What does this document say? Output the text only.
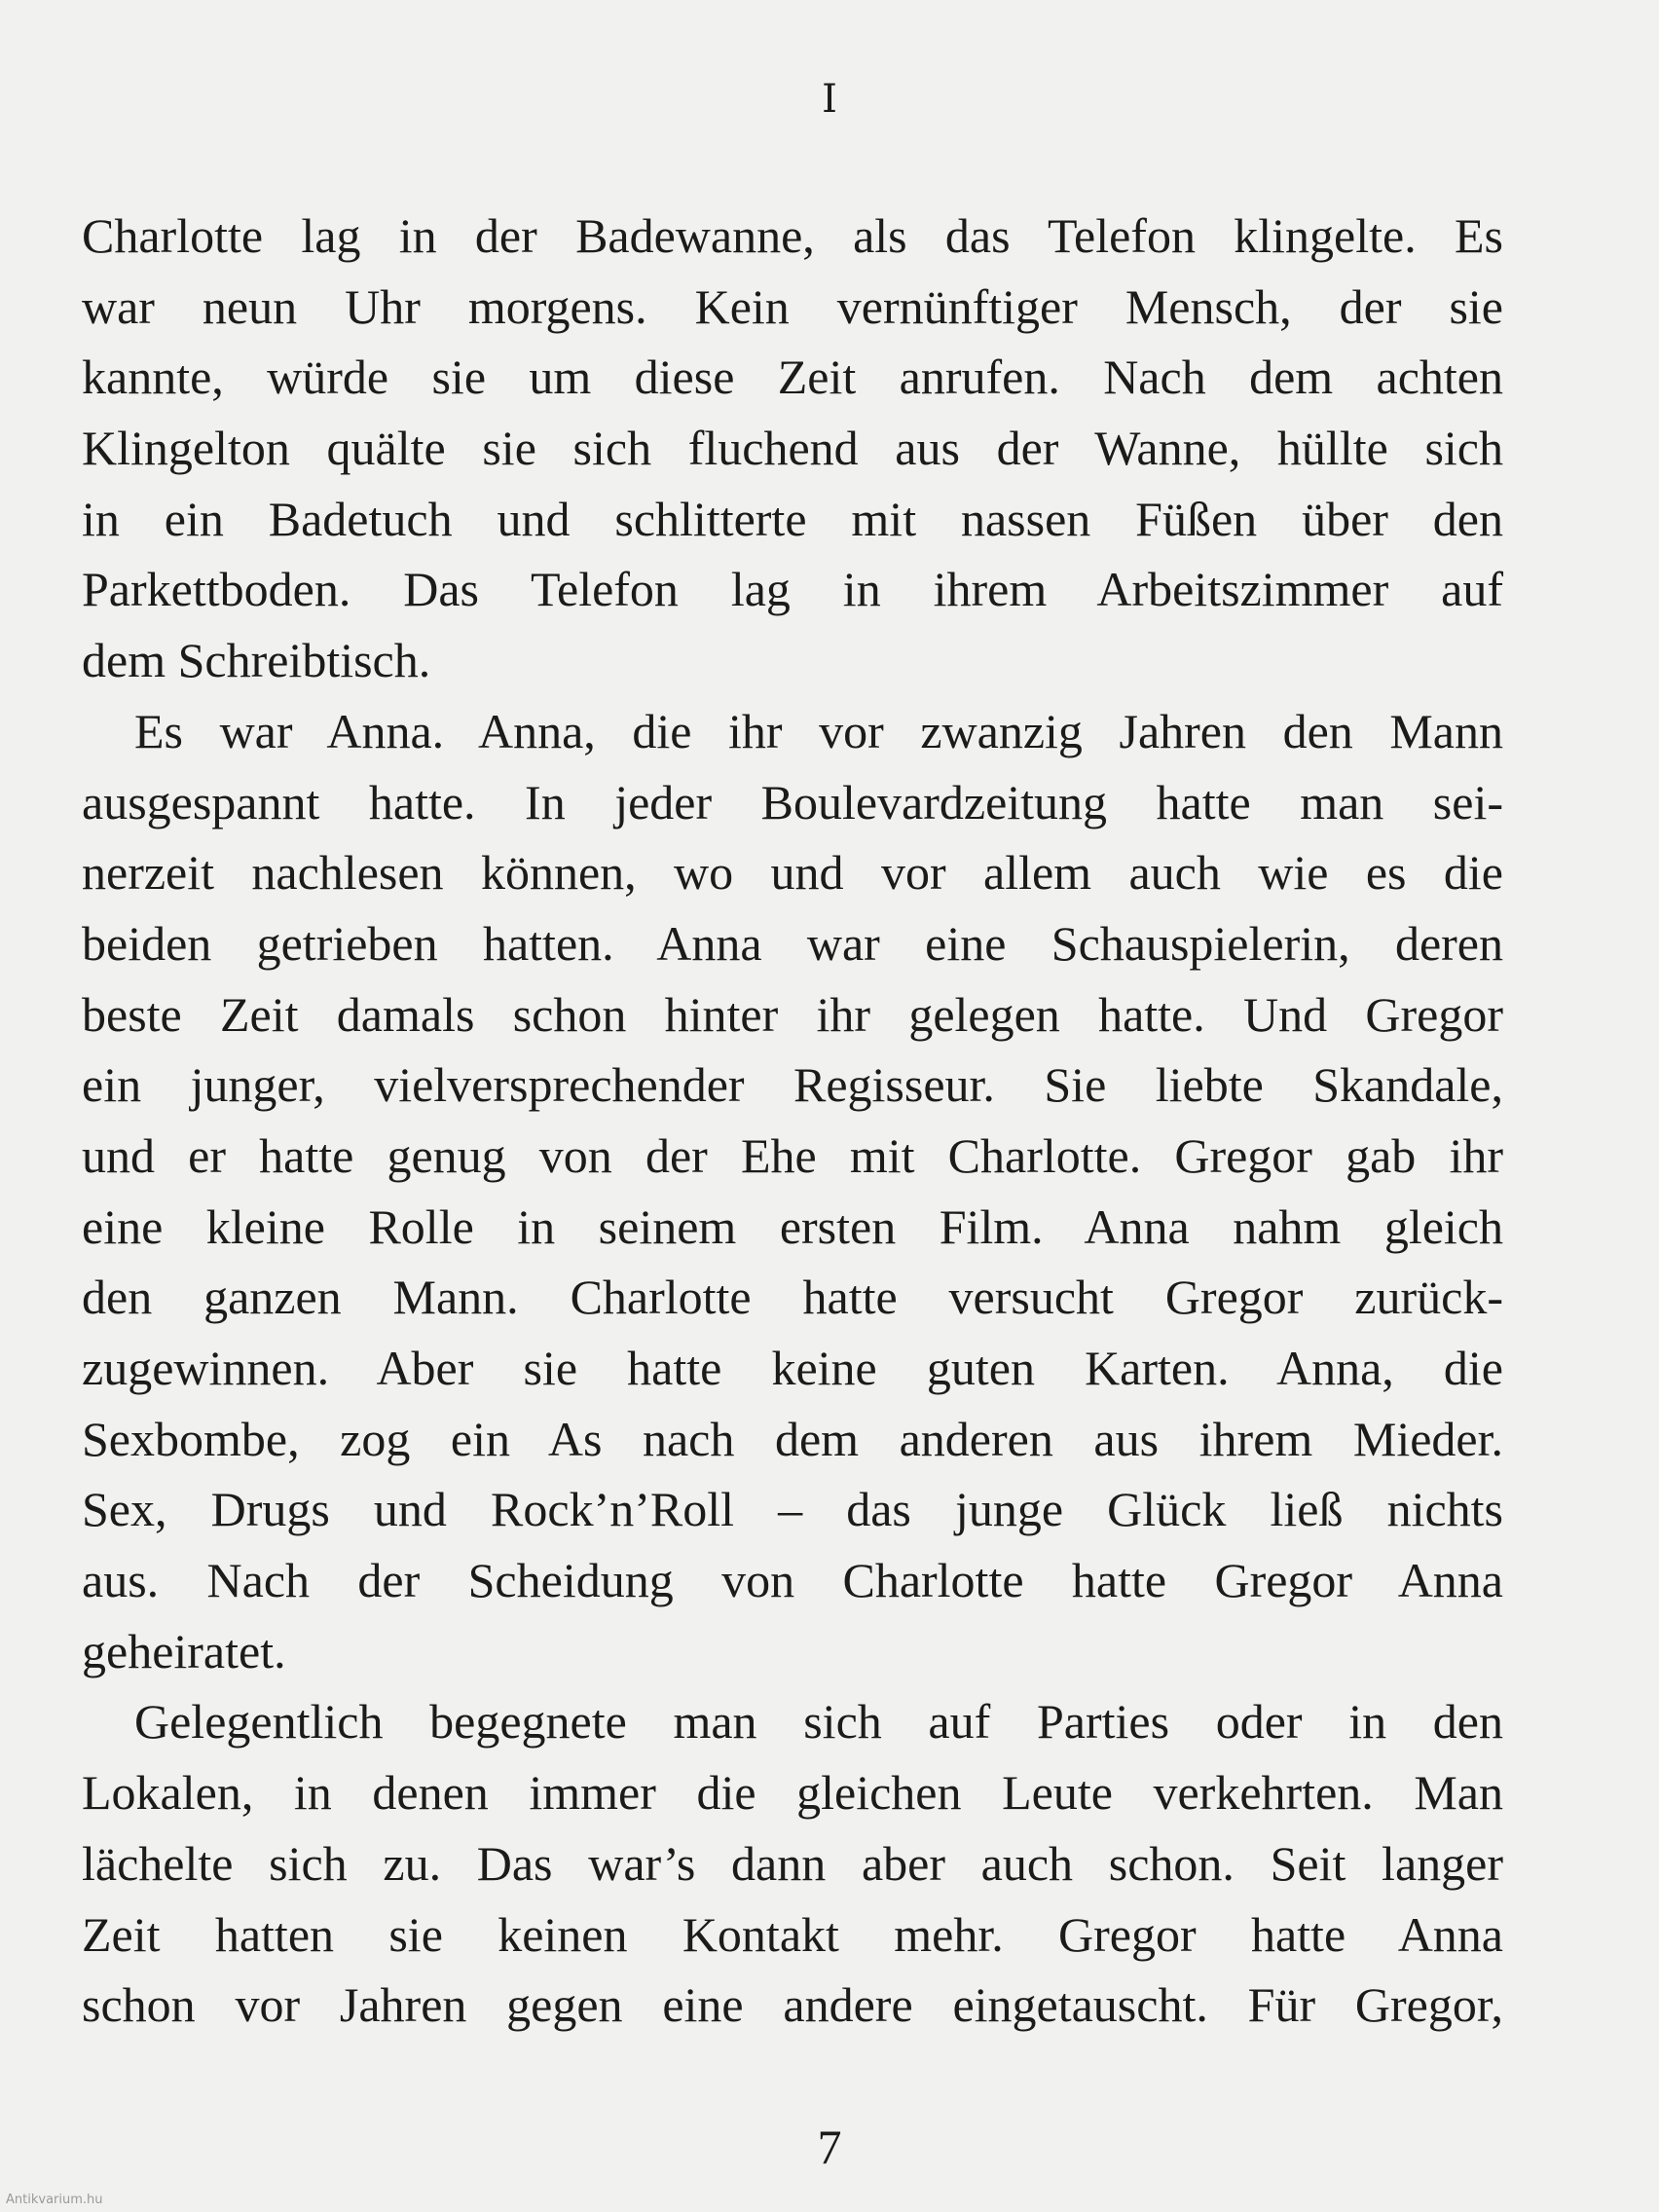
I
Charlotte lag in der Badewanne, als das Telefon klingelte. Es
war neun Uhr morgens. Kein vernünftiger Mensch, der sie
kannte, würde sie um diese Zeit anrufen. Nach dem achten
Klingelton quälte sie sich fluchend aus der Wanne, hüllte sich
in ein Badetuch und schlitterte mit nassen Füßen über den
Parkettboden. Das Telefon lag in ihrem Arbeitszimmer auf
dem Schreibtisch.
Es war Anna. Anna, die ihr vor zwanzig Jahren den Mann
ausgespannt hatte. In jeder Boulevardzeitung hatte man sei-
nerzeit nachlesen können, wo und vor allem auch wie es die
beiden getrieben hatten. Anna war eine Schauspielerin, deren
beste Zeit damals schon hinter ihr gelegen hatte. Und Gregor
ein junger, vielversprechender Regisseur. Sie liebte Skandale,
und er hatte genug von der Ehe mit Charlotte. Gregor gab ihr
eine kleine Rolle in seinem ersten Film. Anna nahm gleich
den ganzen Mann. Charlotte hatte versucht Gregor zurück-
zugewinnen. Aber sie hatte keine guten Karten. Anna, die
Sexbombe, zog ein As nach dem anderen aus ihrem Mieder.
Sex, Drugs und Rock’n’Roll – das junge Glück ließ nichts
aus. Nach der Scheidung von Charlotte hatte Gregor Anna
geheiratet.
Gelegentlich begegnete man sich auf Parties oder in den
Lokalen, in denen immer die gleichen Leute verkehrten. Man
lächelte sich zu. Das war’s dann aber auch schon. Seit langer
Zeit hatten sie keinen Kontakt mehr. Gregor hatte Anna
schon vor Jahren gegen eine andere eingetauscht. Für Gregor,
7
Antikvarium.hu
